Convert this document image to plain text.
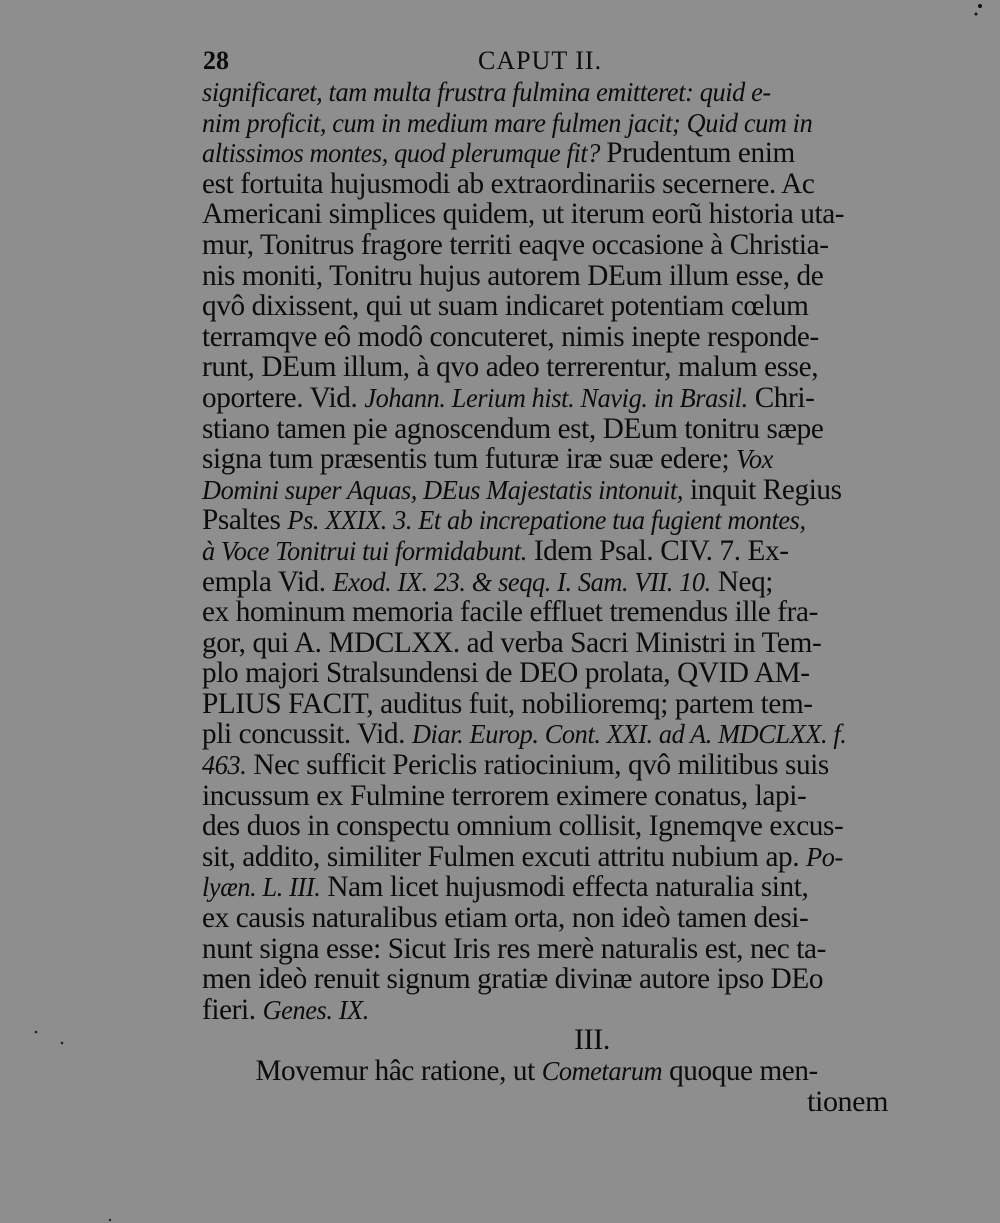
28	CAPUT II.
significaret, tam multa frustra fulmina emitteret: quid e-
nim proficit, cum in medium mare fulmen jacit; Quid cum in
altissimos montes, quod plerumque fit? Prudentum enim
est fortuita hujusmodi ab extraordinariis secernere. Ac
Americani simplices quidem, ut iterum eorũ historia uta-
mur, Tonitrus fragore territi eaqve occasione à Christia-
nis moniti, Tonitru hujus autorem DEum illum esse, de
qvô dixissent, qui ut suam indicaret potentiam cœlum
terramqve eô modô concuteret, nimis inepte responde-
runt, DEum illum, à qvo adeo terrerentur, malum esse,
oportere. Vid. Johann. Lerium hist. Navig. in Brasil. Chri-
stiano tamen pie agnoscendum est, DEum tonitru sæpe
signa tum præsentis tum futuræ iræ suæ edere; Vox
Domini super Aquas, DEus Majestatis intonuit, inquit Regius
Psaltes Ps. XXIX. 3. Et ab increpatione tua fugient montes,
à Voce Tonitrui tui formidabunt. Idem Psal. CIV. 7. Ex-
empla Vid. Exod. IX. 23. & seqq. I. Sam. VII. 10. Neq;
ex hominum memoria facile effluet tremendus ille fra-
gor, qui A. MDCLXX. ad verba Sacri Ministri in Tem-
plo majori Stralsundensi de DEO prolata, QVID AM-
PLIUS FACIT, auditus fuit, nobilioremq; partem tem-
pli concussit. Vid. Diar. Europ. Cont. XXI. ad A. MDCLXX. f.
463. Nec sufficit Periclis ratiocinium, qvô militibus suis
incussum ex Fulmine terrorem eximere conatus, lapi-
des duos in conspectu omnium collisit, Ignemqve excus-
sit, addito, similiter Fulmen excuti attritu nubium ap. Po-
lyæn. L. III. Nam licet hujusmodi effecta naturalia sint,
ex causis naturalibus etiam orta, non ideò tamen desi-
nunt signa esse: Sicut Iris res merè naturalis est, nec ta-
men ideò renuit signum gratiæ divinæ autore ipso DEo
fieri. Genes. IX.
III.
Movemur hâc ratione, ut Cometarum quoque men-
tionem
